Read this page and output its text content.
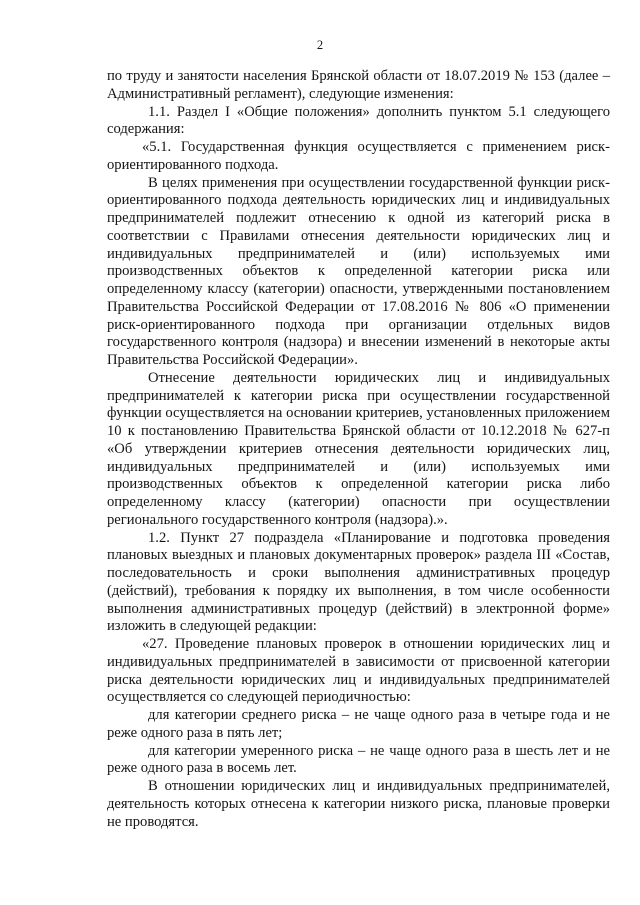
2

по труду и занятости населения Брянской области от 18.07.2019 № 153 (далее – Административный регламент), следующие изменения:

1.1. Раздел I «Общие положения» дополнить пунктом 5.1 следующего содержания:

«5.1. Государственная функция осуществляется с применением риск-ориентированного подхода.

В целях применения при осуществлении государственной функции риск-ориентированного подхода деятельность юридических лиц и индивидуальных предпринимателей подлежит отнесению к одной из категорий риска в соответствии с Правилами отнесения деятельности юридических лиц и индивидуальных предпринимателей и (или) используемых ими производственных объектов к определенной категории риска или определенному классу (категории) опасности, утвержденными постановлением Правительства Российской Федерации от 17.08.2016 № 806 «О применении риск-ориентированного подхода при организации отдельных видов государственного контроля (надзора) и внесении изменений в некоторые акты Правительства Российской Федерации».

Отнесение деятельности юридических лиц и индивидуальных предпринимателей к категории риска при осуществлении государственной функции осуществляется на основании критериев, установленных приложением 10 к постановлению Правительства Брянской области от 10.12.2018 № 627-п «Об утверждении критериев отнесения деятельности юридических лиц, индивидуальных предпринимателей и (или) используемых ими производственных объектов к определенной категории риска либо определенному классу (категории) опасности при осуществлении регионального государственного контроля (надзора).».

1.2. Пункт 27 подраздела «Планирование и подготовка проведения плановых выездных и плановых документарных проверок» раздела III «Состав, последовательность и сроки выполнения административных процедур (действий), требования к порядку их выполнения, в том числе особенности выполнения административных процедур (действий) в электронной форме» изложить в следующей редакции:

«27. Проведение плановых проверок в отношении юридических лиц и индивидуальных предпринимателей в зависимости от присвоенной категории риска деятельности юридических лиц и индивидуальных предпринимателей осуществляется со следующей периодичностью:

для категории среднего риска – не чаще одного раза в четыре года и не реже одного раза в пять лет;

для категории умеренного риска – не чаще одного раза в шесть лет и не реже одного раза в восемь лет.

В отношении юридических лиц и индивидуальных предпринимателей, деятельность которых отнесена к категории низкого риска, плановые проверки не проводятся.
